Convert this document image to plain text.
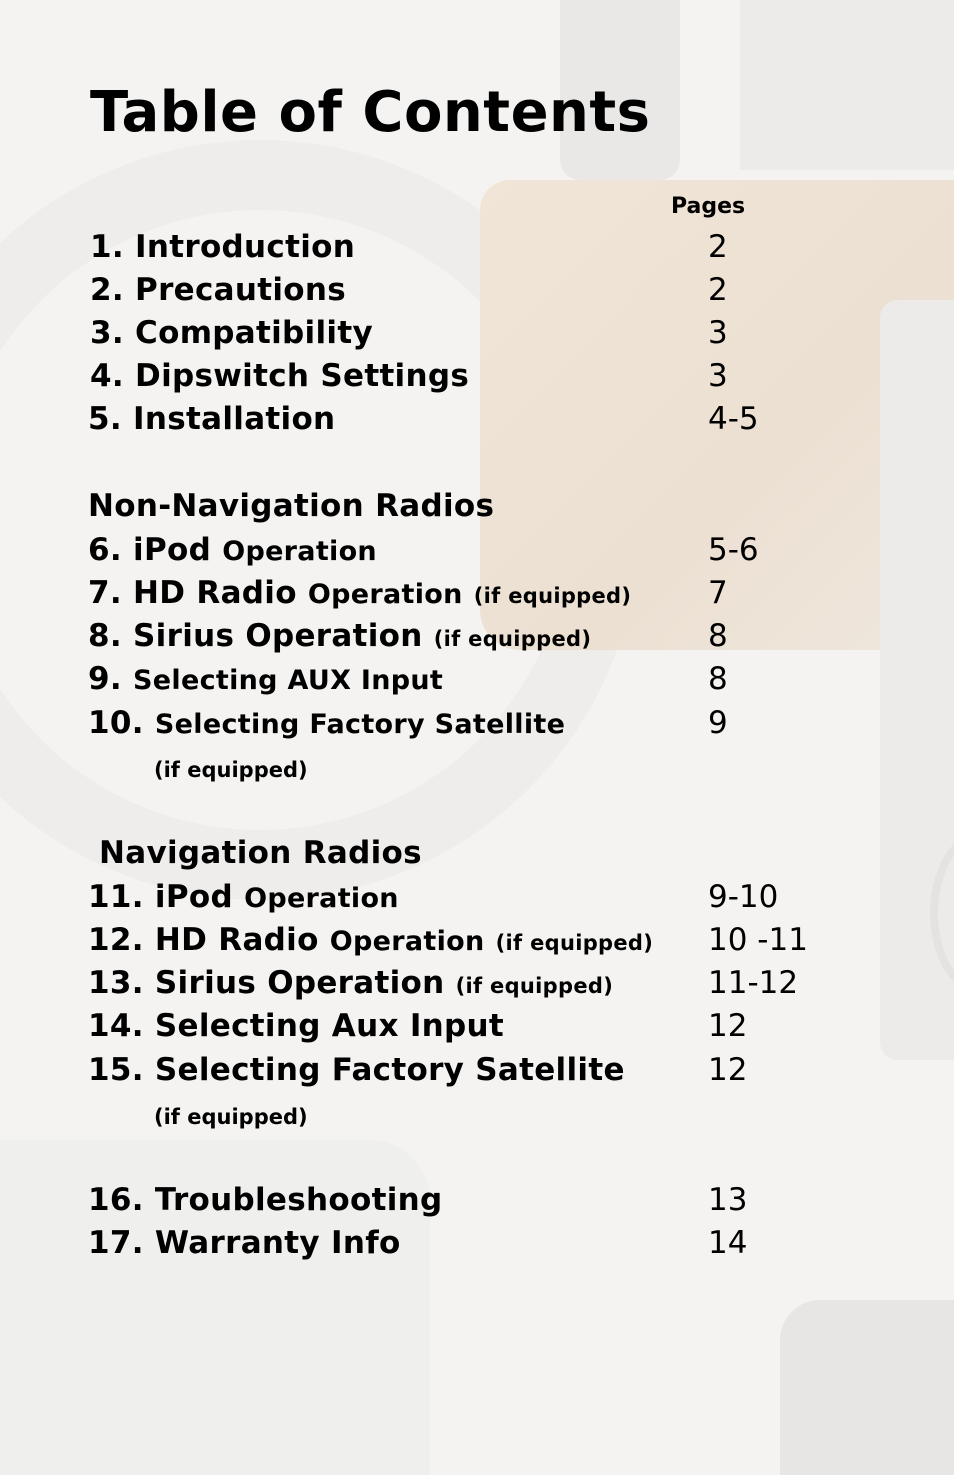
Table of Contents
Pages
1. Introduction	2
2. Precautions	2
3. Compatibility	3
4. Dipswitch Settings	3
5. Installation	4-5
Non-Navigation Radios
6. iPod Operation	5-6
7. HD Radio Operation (if equipped) 7
8. Sirius Operation (if equipped)	8
9. Selecting AUX Input	8
10. Selecting Factory Satellite	9
(if equipped)
Navigation Radios
11. iPod Operation	9-10
12. HD Radio Operation (if equipped) 10 -11
13. Sirius Operation (if equipped)	11-12
14. Selecting Aux Input	12
15. Selecting Factory Satellite	12
(if equipped)
16. Troubleshooting	13
17. Warranty Info	14
